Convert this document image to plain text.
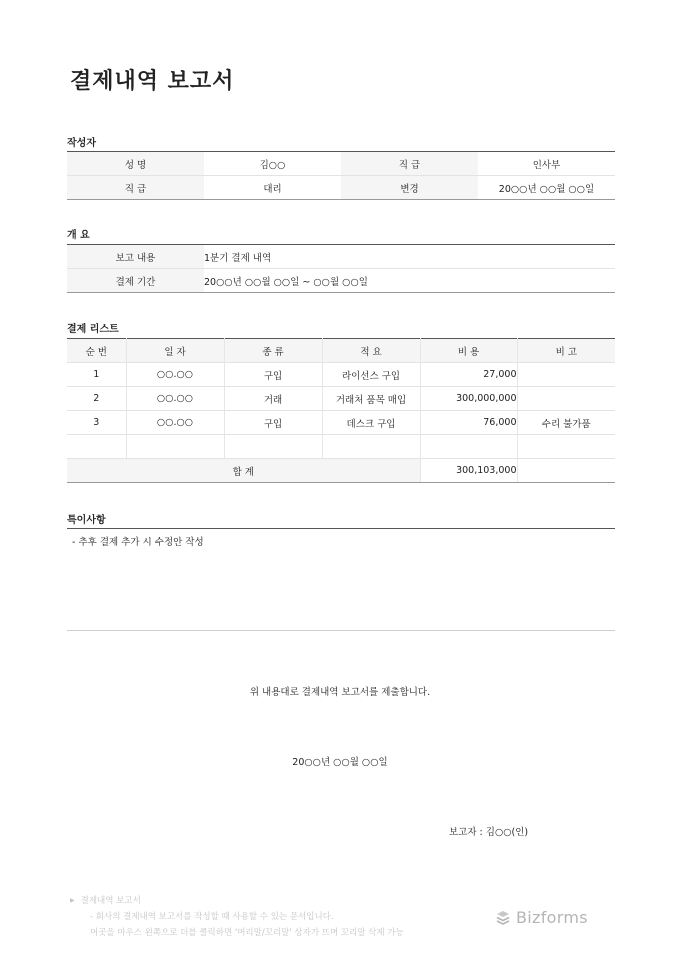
결제내역 보고서
작성자
성 명	김○○	직 급	인사부
직 급	대리	변경	20○○년 ○○월 ○○일
개 요
보고 내용	1분기 결제 내역
결제 기간	20○○년 ○○월 ○○일 ~ ○○월 ○○일
결제 리스트
순 번	일 자	종 류	적 요	비 용	비 고
1	○○.○○	구입	라이선스 구입	27,000	
2	○○.○○	거래	거래처 품목 매입	300,000,000	
3	○○.○○	구입	데스크 구입	76,000	수리 불가품

합 계				300,103,000	
특이사항
- 추후 결제 추가 시 수정안 작성
위 내용대로 결제내역 보고서를 제출합니다.
20○○년 ○○월 ○○일
보고자 : 김○○(인)
▶ 결제내역 보고서
- 회사의 결제내역 보고서를 작성할 때 사용할 수 있는 문서입니다.
머곳을 마우스 왼쪽으로 더블 클릭하면 '머리말/꼬리말' 상자가 뜨며 꼬리말 삭제 가능
Bizforms
